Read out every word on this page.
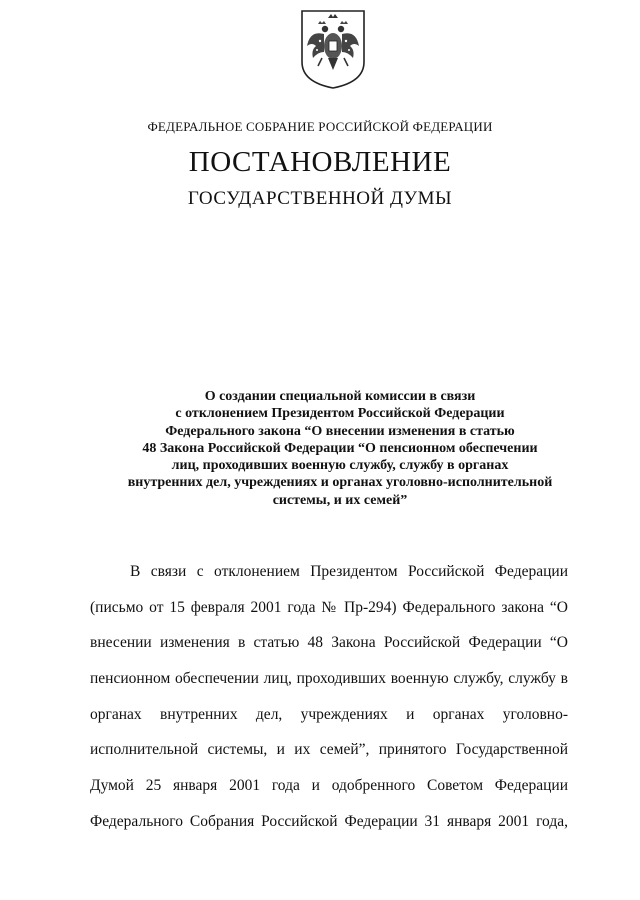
ФЕДЕРАЛЬНОЕ СОБРАНИЕ РОССИЙСКОЙ ФЕДЕРАЦИИ
ПОСТАНОВЛЕНИЕ
ГОСУДАРСТВЕННОЙ ДУМЫ
О создании специальной комиссии в связи
с отклонением Президентом Российской Федерации
Федерального закона “О внесении изменения в статью
48 Закона Российской Федерации “О пенсионном обеспечении
лиц, проходивших военную службу, службу в органах
внутренних дел, учреждениях и органах уголовно-исполнительной
системы, и их семей”
В связи с отклонением Президентом Российской Федерации
(письмо от 15 февраля 2001 года № Пр-294) Федерального закона “О
внесении изменения в статью 48 Закона Российской Федерации “О
пенсионном обеспечении лиц, проходивших военную службу, службу в
органах внутренних дел, учреждениях и органах уголовно-
исполнительной системы, и их семей”, принятого Государственной
Думой 25 января 2001 года и одобренного Советом Федерации
Федерального Собрания Российской Федерации 31 января 2001 года,
